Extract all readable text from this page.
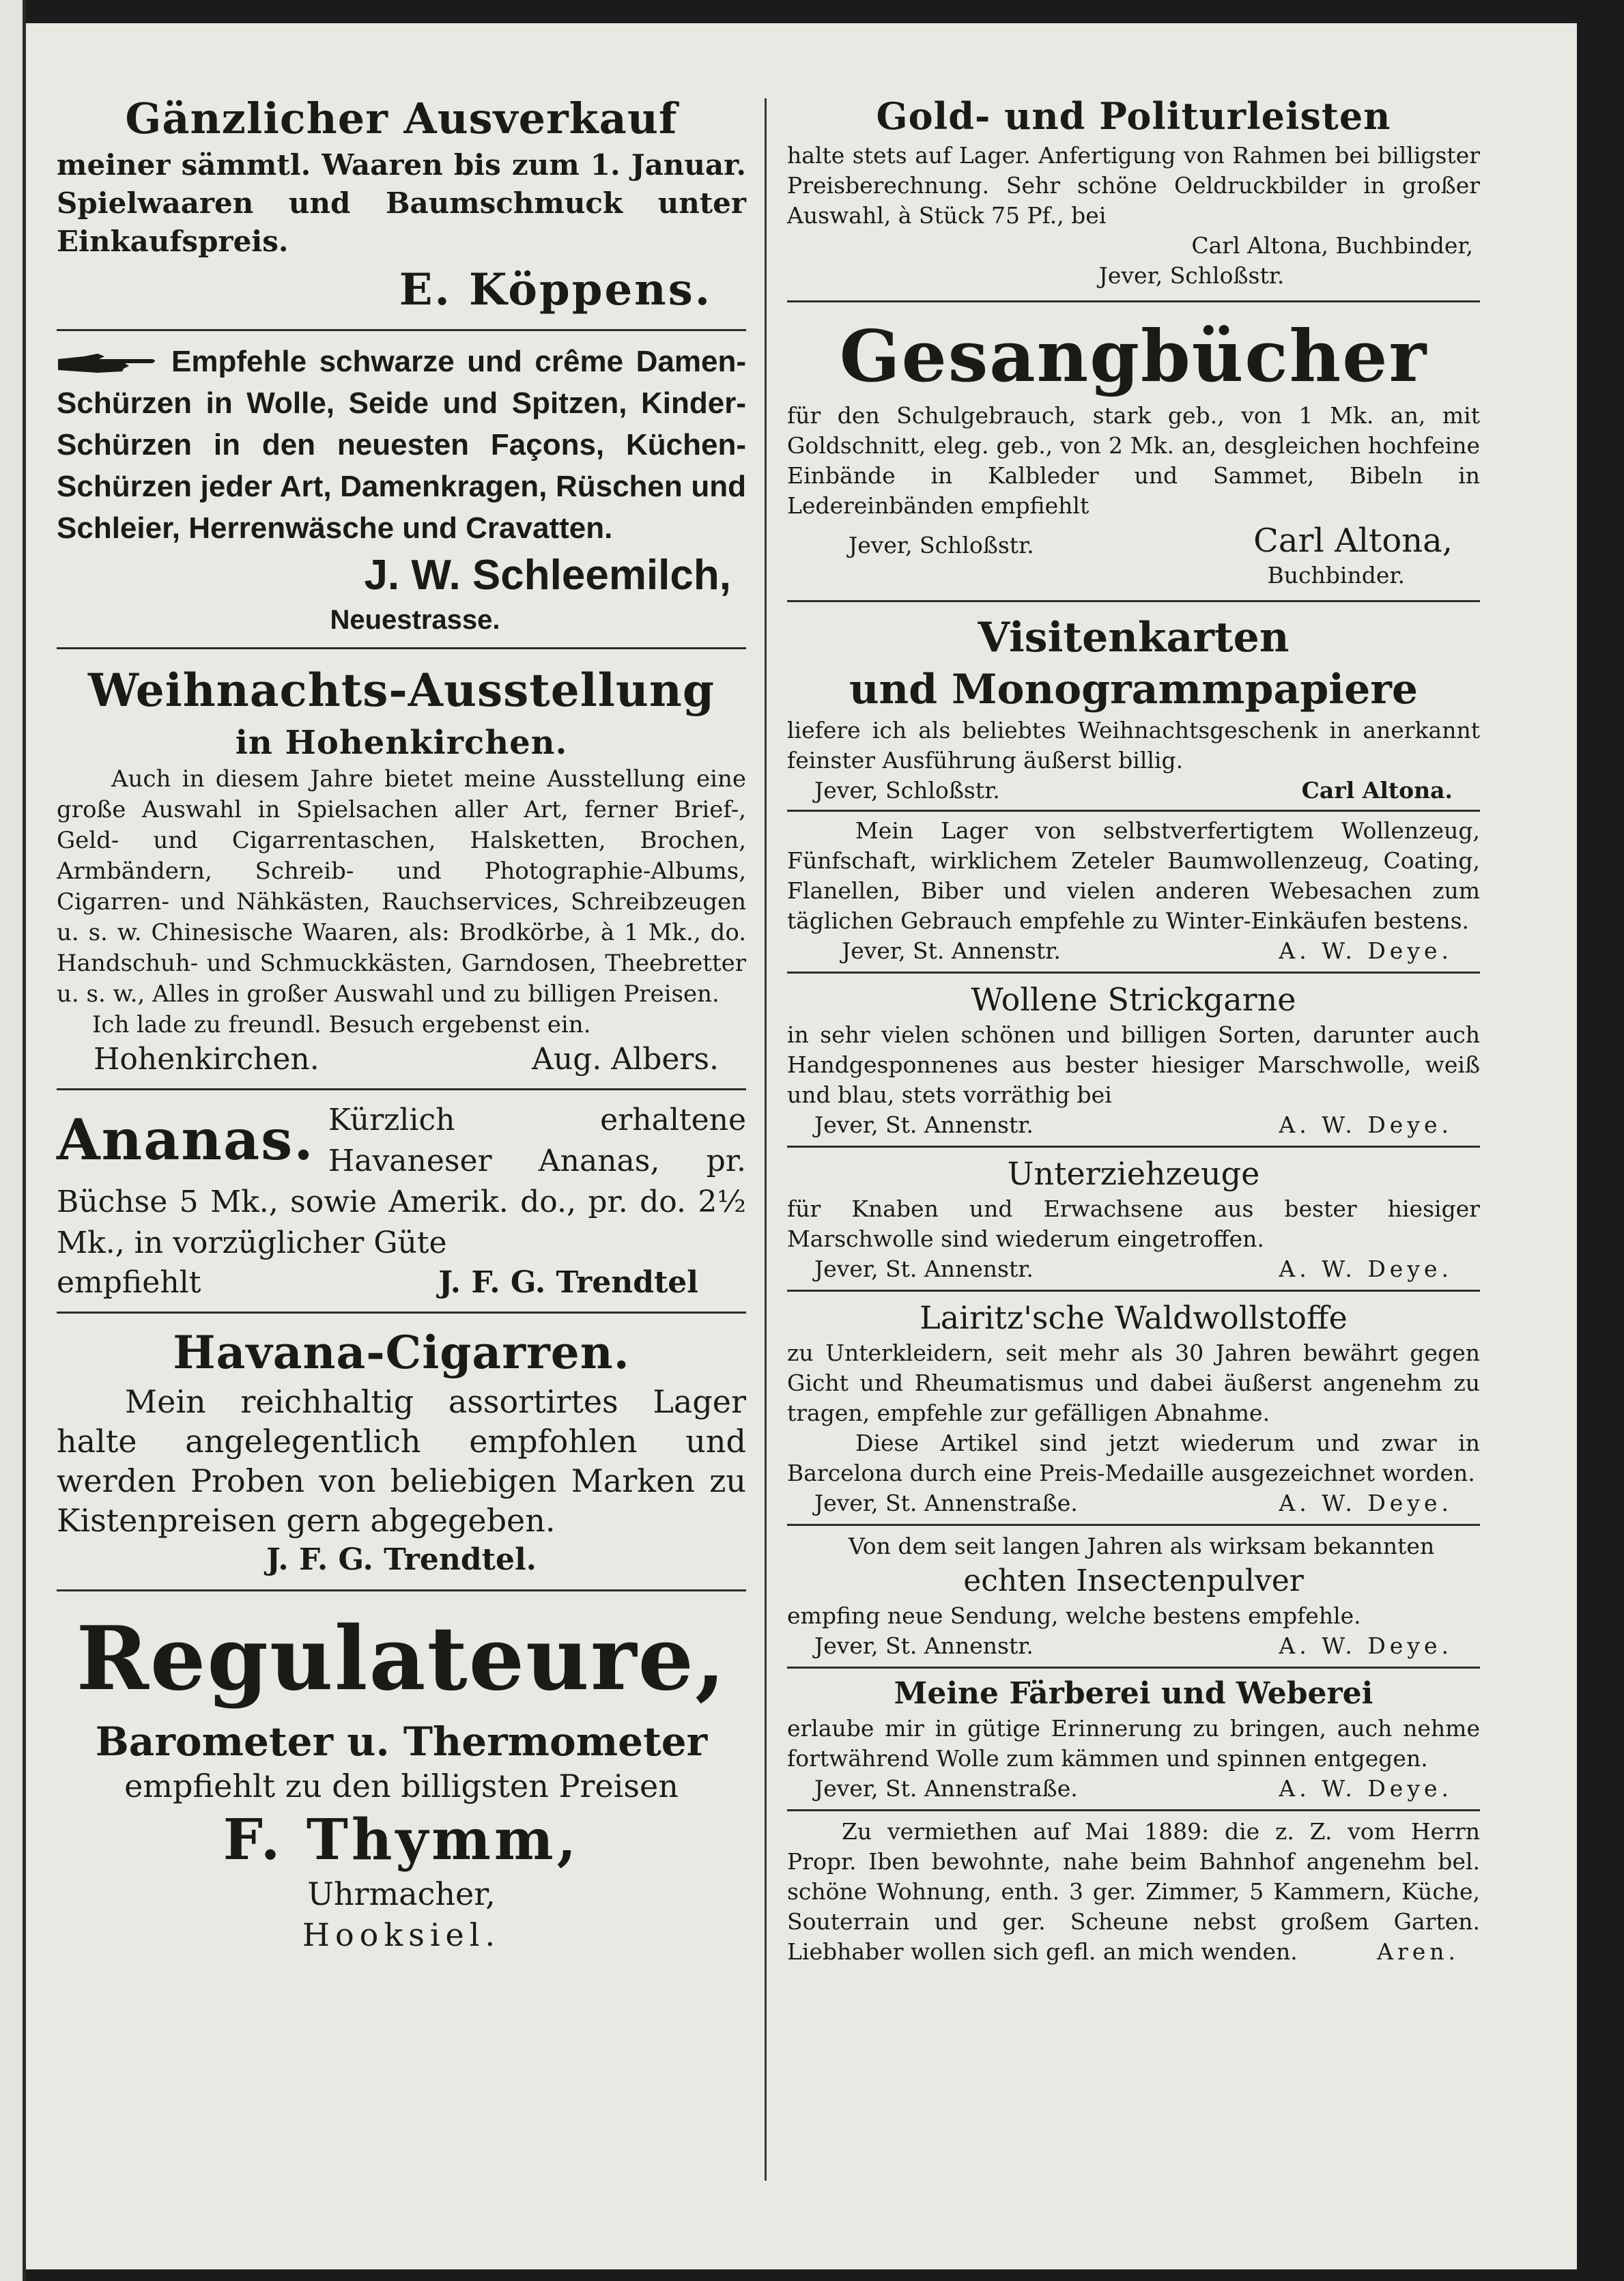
Gänzlicher Ausverkauf
meiner sämmtl. Waaren bis zum 1. Januar. Spielwaaren und Baumschmuck unter Einkaufspreis.
E. Köppens.
Empfehle schwarze und crême Damen-Schürzen in Wolle, Seide und Spitzen, Kinder-Schürzen in den neuesten Façons, Küchen-Schürzen jeder Art, Damenkragen, Rüschen und Schleier, Herrenwäsche und Cravatten.
J. W. Schleemilch,
Neuestrasse.
Weihnachts-Ausstellung
in Hohenkirchen.
Auch in diesem Jahre bietet meine Ausstellung eine große Auswahl in Spielsachen aller Art, ferner Brief-, Geld- und Cigarrentaschen, Halsketten, Brochen, Armbändern, Schreib- und Photographie-Albums, Cigarren- und Nähkästen, Rauchservices, Schreibzeugen u. s. w. Chinesische Waaren, als: Brodkörbe, à 1 Mk., do. Handschuh- und Schmuckkästen, Garndosen, Theebretter u. s. w., Alles in großer Auswahl und zu billigen Preisen.
Ich lade zu freundl. Besuch ergebenst ein.
Hohenkirchen.	Aug. Albers.
Ananas. Kürzlich erhaltene Havaneser Ananas, pr. Büchse 5 Mk., sowie Amerik. do., pr. do. 2½ Mk., in vorzüglicher Güte
empfiehlt	J. F. G. Trendtel
Havana-Cigarren.
Mein reichhaltig assortirtes Lager halte angelegentlich empfohlen und werden Proben von beliebigen Marken zu Kistenpreisen gern abgegeben.
J. F. G. Trendtel.
Regulateure,
Barometer u. Thermometer
empfiehlt zu den billigsten Preisen
F. Thymm,
Uhrmacher,
Hooksiel.
Gold- und Politurleisten
halte stets auf Lager. Anfertigung von Rahmen bei billigster Preisberechnung. Sehr schöne Oeldruckbilder in großer Auswahl, à Stück 75 Pf., bei
Carl Altona, Buchbinder,
Jever, Schloßstr.
Gesangbücher
für den Schulgebrauch, stark geb., von 1 Mk. an, mit Goldschnitt, eleg. geb., von 2 Mk. an, desgleichen hochfeine Einbände in Kalbleder und Sammet, Bibeln in Ledereinbänden empfiehlt
Jever, Schloßstr.	Carl Altona,
Buchbinder.
Visitenkarten
und Monogrammpapiere
liefere ich als beliebtes Weihnachtsgeschenk in anerkannt feinster Ausführung äußerst billig.
Jever, Schloßstr.	Carl Altona.
Mein Lager von selbstverfertigtem Wollenzeug, Fünfschaft, wirklichem Zeteler Baumwollenzeug, Coating, Flanellen, Biber und vielen anderen Webesachen zum täglichen Gebrauch empfehle zu Winter-Einkäufen bestens.
Jever, St. Annenstr.	A. W. Deye.
Wollene Strickgarne
in sehr vielen schönen und billigen Sorten, darunter auch Handgesponnenes aus bester hiesiger Marschwolle, weiß und blau, stets vorräthig bei
Jever, St. Annenstr.	A. W. Deye.
Unterziehzeuge
für Knaben und Erwachsene aus bester hiesiger Marschwolle sind wiederum eingetroffen.
Jever, St. Annenstr.	A. W. Deye.
Lairitz'sche Waldwollstoffe
zu Unterkleidern, seit mehr als 30 Jahren bewährt gegen Gicht und Rheumatismus und dabei äußerst angenehm zu tragen, empfehle zur gefälligen Abnahme.
Diese Artikel sind jetzt wiederum und zwar in Barcelona durch eine Preis-Medaille ausgezeichnet worden.
Jever, St. Annenstraße.	A. W. Deye.
Von dem seit langen Jahren als wirksam bekannten
echten Insectenpulver
empfing neue Sendung, welche bestens empfehle.
Jever, St. Annenstr.	A. W. Deye.
Meine Färberei und Weberei
erlaube mir in gütige Erinnerung zu bringen, auch nehme fortwährend Wolle zum kämmen und spinnen entgegen.
Jever, St. Annenstraße.	A. W. Deye.
Zu vermiethen auf Mai 1889: die z. Z. vom Herrn Propr. Iben bewohnte, nahe beim Bahnhof angenehm bel. schöne Wohnung, enth. 3 ger. Zimmer, 5 Kammern, Küche, Souterrain und ger. Scheune nebst großem Garten. Liebhaber wollen sich gefl. an mich wenden.	Aren.
